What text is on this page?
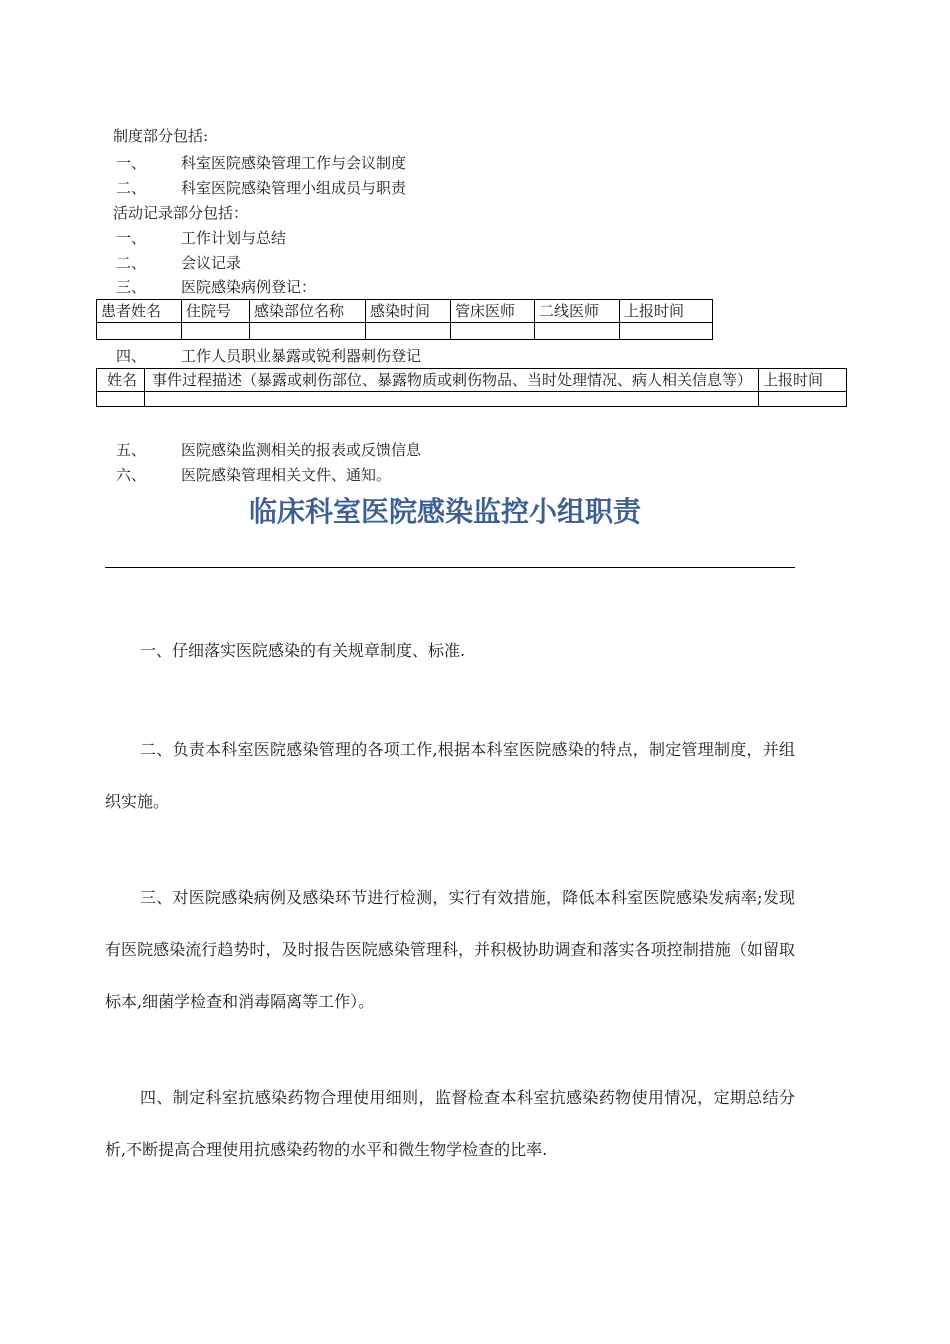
制度部分包括:
一、 科室医院感染管理工作与会议制度
二、 科室医院感染管理小组成员与职责
活动记录部分包括：
一、 工作计划与总结
二、 会议记录
三、 医院感染病例登记：
患者姓名	住院号	感染部位名称	感染时间	管床医师	二线医师	上报时间

四、 工作人员职业暴露或锐利器刺伤登记
姓名	事件过程描述（暴露或刺伤部位、暴露物质或刺伤物品、当时处理情况、病人相关信息等）	上报时间

五、 医院感染监测相关的报表或反馈信息
六、 医院感染管理相关文件、通知。
临床科室医院感染监控小组职责
一、仔细落实医院感染的有关规章制度、标准.
二、负责本科室医院感染管理的各项工作,根据本科室医院感染的特点，制定管理制度，并组织实施。
三、对医院感染病例及感染环节进行检测，实行有效措施，降低本科室医院感染发病率;发现有医院感染流行趋势时，及时报告医院感染管理科，并积极协助调查和落实各项控制措施（如留取标本,细菌学检查和消毒隔离等工作）。
四、制定科室抗感染药物合理使用细则，监督检查本科室抗感染药物使用情况，定期总结分析,不断提高合理使用抗感染药物的水平和微生物学检查的比率.
